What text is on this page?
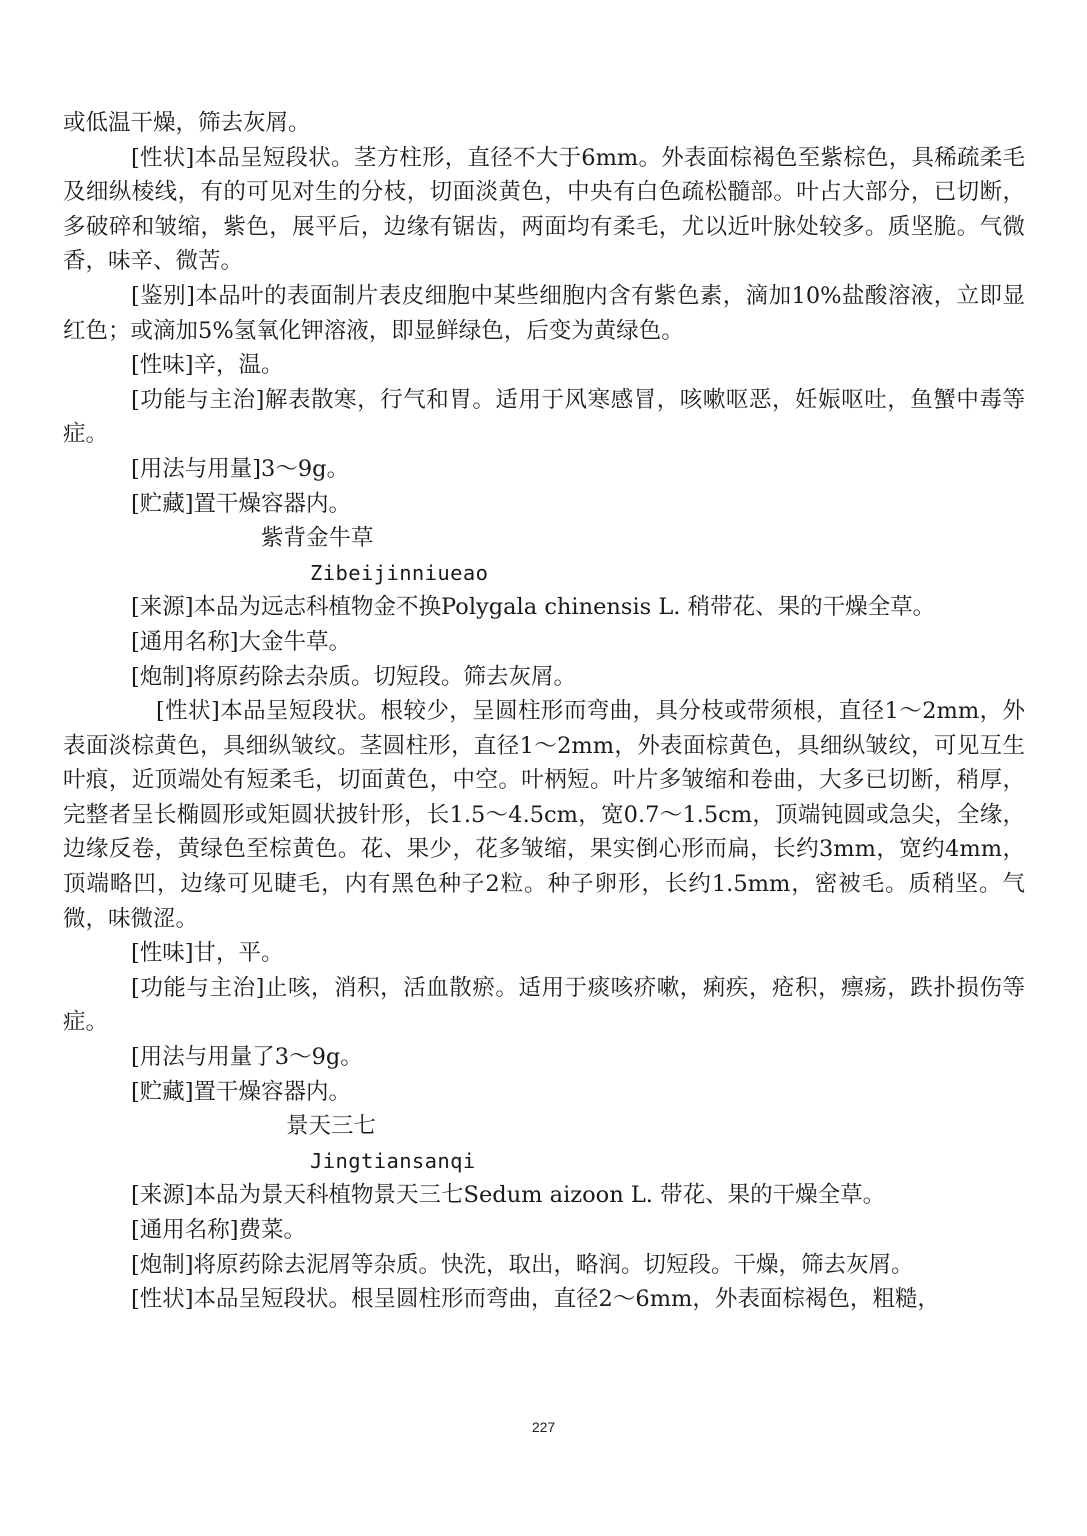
或低温干燥，筛去灰屑。

[性状]本品呈短段状。茎方柱形，直径不大于6mm。外表面棕褐色至紫棕色，具稀疏柔毛及细纵棱线，有的可见对生的分枝，切面淡黄色，中央有白色疏松髓部。叶占大部分，已切断，多破碎和皱缩，紫色，展平后，边缘有锯齿，两面均有柔毛，尤以近叶脉处较多。质坚脆。气微香，味辛、微苦。

[鉴别]本品叶的表面制片表皮细胞中某些细胞内含有紫色素，滴加10%盐酸溶液，立即显红色；或滴加5%氢氧化钾溶液，即显鲜绿色，后变为黄绿色。

[性味]辛，温。

[功能与主治]解表散寒，行气和胃。适用于风寒感冒，咳嗽呕恶，妊娠呕吐，鱼蟹中毒等症。

[用法与用量]3～9g。

[贮藏]置干燥容器内。

紫背金牛草

Zibeijinniueao

[来源]本品为远志科植物金不换Polygala chinensis L. 稍带花、果的干燥全草。

[通用名称]大金牛草。

[炮制]将原药除去杂质。切短段。筛去灰屑。

[性状]本品呈短段状。根较少，呈圆柱形而弯曲，具分枝或带须根，直径1～2mm，外表面淡棕黄色，具细纵皱纹。茎圆柱形，直径1～2mm，外表面棕黄色，具细纵皱纹，可见互生叶痕，近顶端处有短柔毛，切面黄色，中空。叶柄短。叶片多皱缩和卷曲，大多已切断，稍厚，完整者呈长椭圆形或矩圆状披针形，长1.5～4.5cm，宽0.7～1.5cm，顶端钝圆或急尖，全缘，边缘反卷，黄绿色至棕黄色。花、果少，花多皱缩，果实倒心形而扁，长约3mm，宽约4mm，顶端略凹，边缘可见睫毛，内有黑色种子2粒。种子卵形，长约1.5mm，密被毛。质稍坚。气微，味微涩。

[性味]甘，平。

[功能与主治]止咳，消积，活血散瘀。适用于痰咳疥嗽，痢疾，疮积，瘭疡，跌扑损伤等症。

[用法与用量了3～9g。

[贮藏]置干燥容器内。

景天三七

Jingtiansanqi

[来源]本品为景天科植物景天三七Sedum aizoon L. 带花、果的干燥全草。

[通用名称]费菜。

[炮制]将原药除去泥屑等杂质。快洗，取出，略润。切短段。干燥，筛去灰屑。

[性状]本品呈短段状。根呈圆柱形而弯曲，直径2～6mm，外表面棕褐色，粗糙，

227
